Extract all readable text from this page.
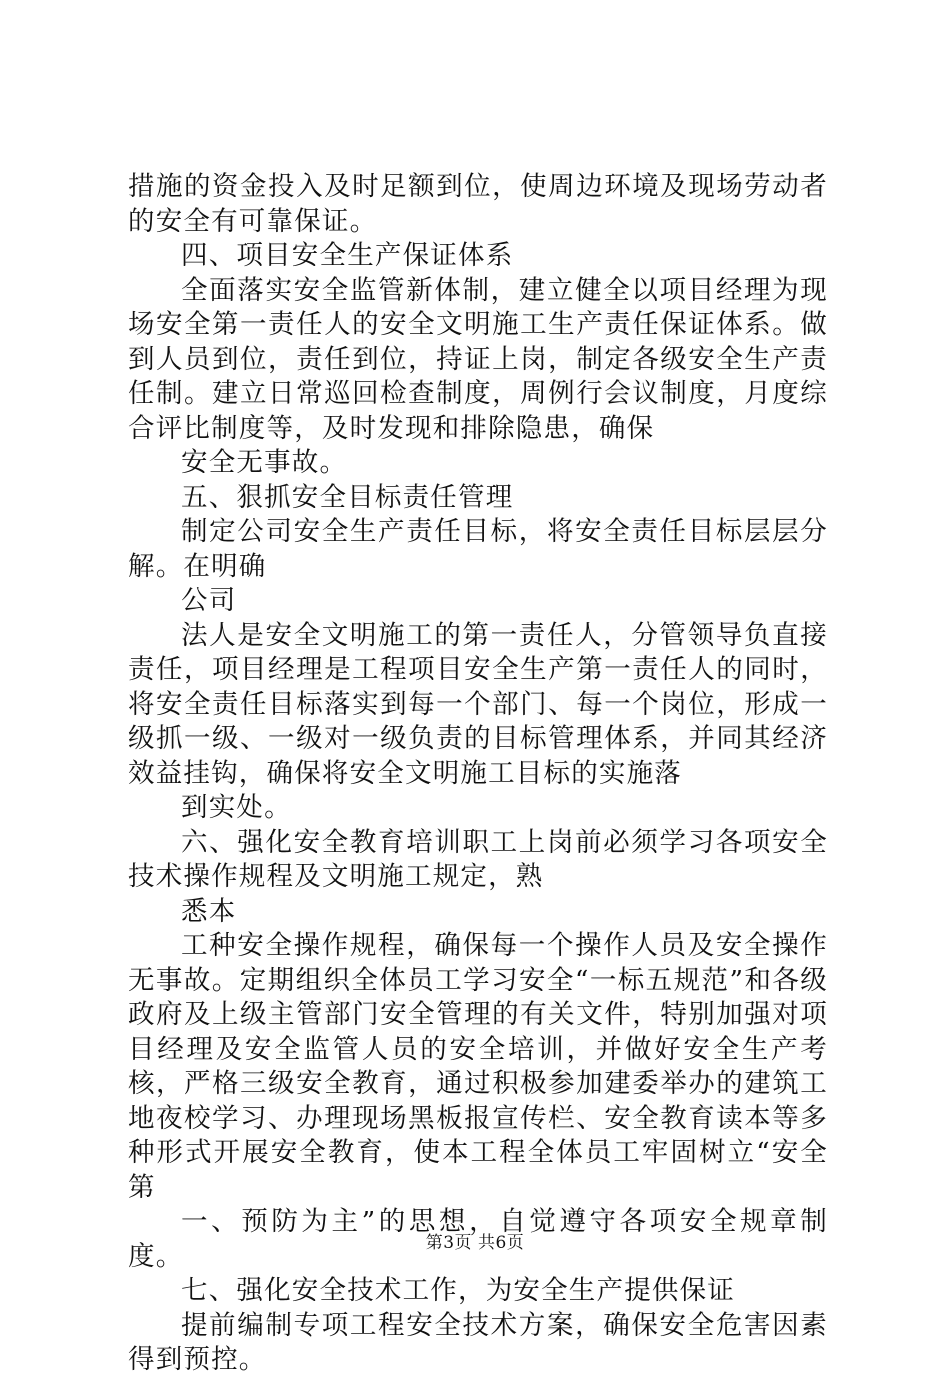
措施的资金投入及时足额到位，使周边环境及现场劳动者的安全有可靠保证。

四、项目安全生产保证体系

全面落实安全监管新体制，建立健全以项目经理为现场安全第一责任人的安全文明施工生产责任保证体系。做到人员到位，责任到位，持证上岗，制定各级安全生产责任制。建立日常巡回检查制度，周例行会议制度，月度综合评比制度等，及时发现和排除隐患，确保

安全无事故。

五、狠抓安全目标责任管理

制定公司安全生产责任目标，将安全责任目标层层分解。在明确

公司

法人是安全文明施工的第一责任人，分管领导负直接责任，项目经理是工程项目安全生产第一责任人的同时，将安全责任目标落实到每一个部门、每一个岗位，形成一级抓一级、一级对一级负责的目标管理体系，并同其经济效益挂钩，确保将安全文明施工目标的实施落

到实处。

六、强化安全教育培训职工上岗前必须学习各项安全技术操作规程及文明施工规定，熟

悉本

工种安全操作规程，确保每一个操作人员及安全操作无事故。定期组织全体员工学习安全“一标五规范”和各级政府及上级主管部门安全管理的有关文件，特别加强对项目经理及安全监管人员的安全培训，并做好安全生产考核，严格三级安全教育，通过积极参加建委举办的建筑工地夜校学习、办理现场黑板报宣传栏、安全教育读本等多种形式开展安全教育，使本工程全体员工牢固树立“安全第

一、预防为主”的思想，自觉遵守各项安全规章制度。

七、强化安全技术工作，为安全生产提供保证

提前编制专项工程安全技术方案，确保安全危害因素得到预控。

第3页 共6页
